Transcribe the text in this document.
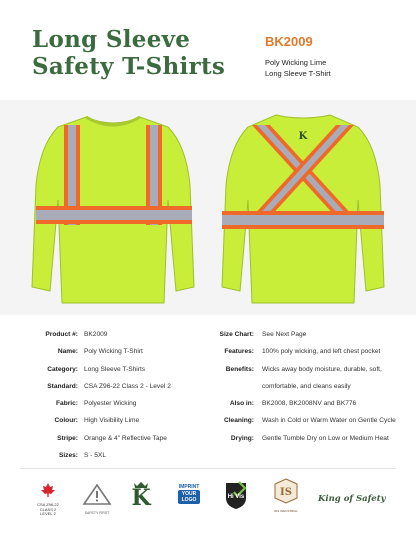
Long Sleeve
Safety T-Shirts
BK2009
Poly Wicking Lime
Long Sleeve T-Shirt
K
Product #: BK2009
Name: Poly Wicking T-Shirt
Category: Long Sleeve T-Shirts
Standard: CSA Z96-22 Class 2 - Level 2
Fabric: Polyester Wicking
Colour: High Visibility Lime
Stripe: Orange & 4" Reflective Tape
Sizes: S - 5XL
Size Chart: See Next Page
Features: 100% poly wicking, and left chest pocket
Benefits: Wicks away body moisture, durable, soft,
comfortable, and cleans easily
Also in: BK2008, BK2008NV and BK776
Cleaning: Wash in Cold or Warm Water on Gentle Cycle
Drying: Gentle Tumble Dry on Low or Medium Heat
CSA Z96-22 CLASS 2 LEVEL 2	SAFETY FIRST
K	IMPRINT
YOUR
LOGO	Hi Vis	IS
IDS INDUSTRIAL
King of Safety
